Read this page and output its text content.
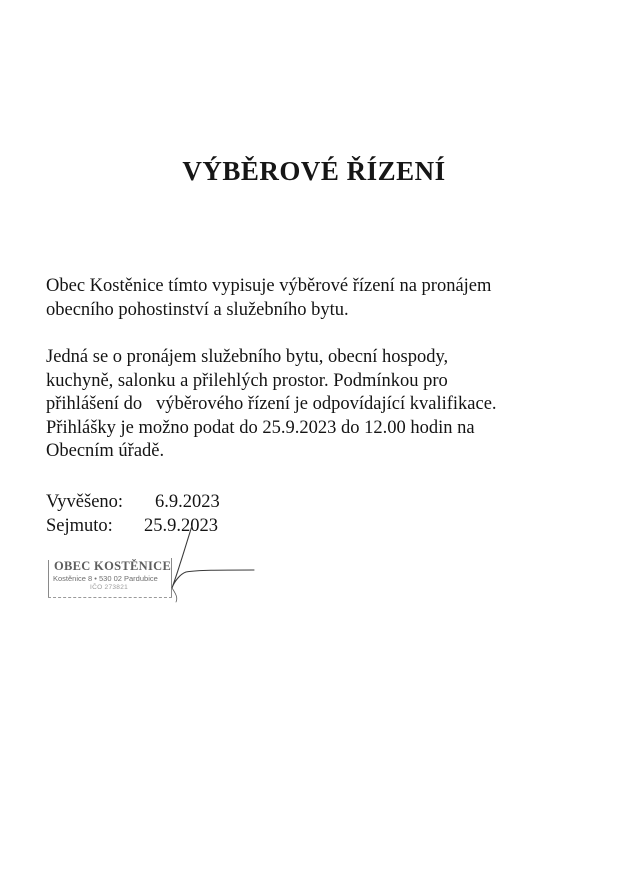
VÝBĚROVÉ ŘÍZENÍ
Obec Kostěnice tímto vypisuje výběrové řízení na pronájem
obecního pohostinství a služebního bytu.
Jedná se o pronájem služebního bytu, obecní hospody,
kuchyně, salonku a přilehlých prostor. Podmínkou pro
přihlášení do   výběrového řízení je odpovídající kvalifikace.
Přihlášky je možno podat do 25.9.2023 do 12.00 hodin na
Obecním úřadě.
Vyvěšeno: 6.9.2023
Sejmuto: 25.9.2023
OBEC KOSTĚNICE
Kostěnice 8 • 530 02 Pardubice
IČO 273821
